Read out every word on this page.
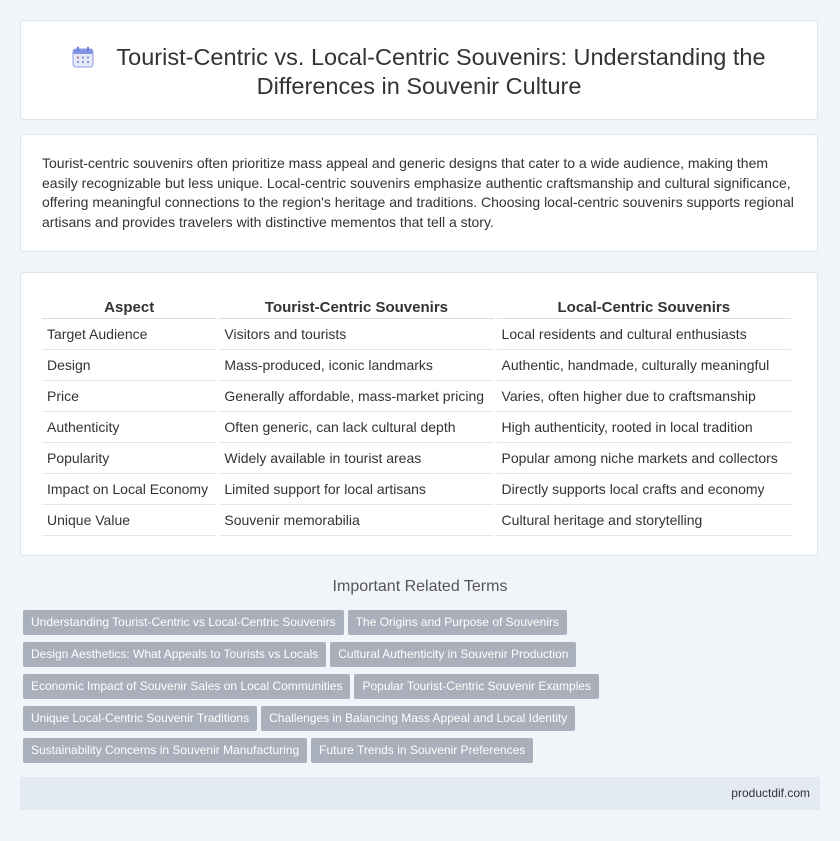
Tourist-Centric vs. Local-Centric Souvenirs: Understanding the Differences in Souvenir Culture

Tourist-centric souvenirs often prioritize mass appeal and generic designs that cater to a wide audience, making them easily recognizable but less unique. Local-centric souvenirs emphasize authentic craftsmanship and cultural significance, offering meaningful connections to the region's heritage and traditions. Choosing local-centric souvenirs supports regional artisans and provides travelers with distinctive mementos that tell a story.

Aspect	Tourist-Centric Souvenirs	Local-Centric Souvenirs
Target Audience	Visitors and tourists	Local residents and cultural enthusiasts
Design	Mass-produced, iconic landmarks	Authentic, handmade, culturally meaningful
Price	Generally affordable, mass-market pricing	Varies, often higher due to craftsmanship
Authenticity	Often generic, can lack cultural depth	High authenticity, rooted in local tradition
Popularity	Widely available in tourist areas	Popular among niche markets and collectors
Impact on Local Economy	Limited support for local artisans	Directly supports local crafts and economy
Unique Value	Souvenir memorabilia	Cultural heritage and storytelling
Important Related Terms
Understanding Tourist-Centric vs Local-Centric Souvenirs The Origins and Purpose of Souvenirs
Design Aesthetics: What Appeals to Tourists vs Locals Cultural Authenticity in Souvenir Production
Economic Impact of Souvenir Sales on Local Communities Popular Tourist-Centric Souvenir Examples
Unique Local-Centric Souvenir Traditions Challenges in Balancing Mass Appeal and Local Identity
Sustainability Concerns in Souvenir Manufacturing Future Trends in Souvenir Preferences
productdif.com
